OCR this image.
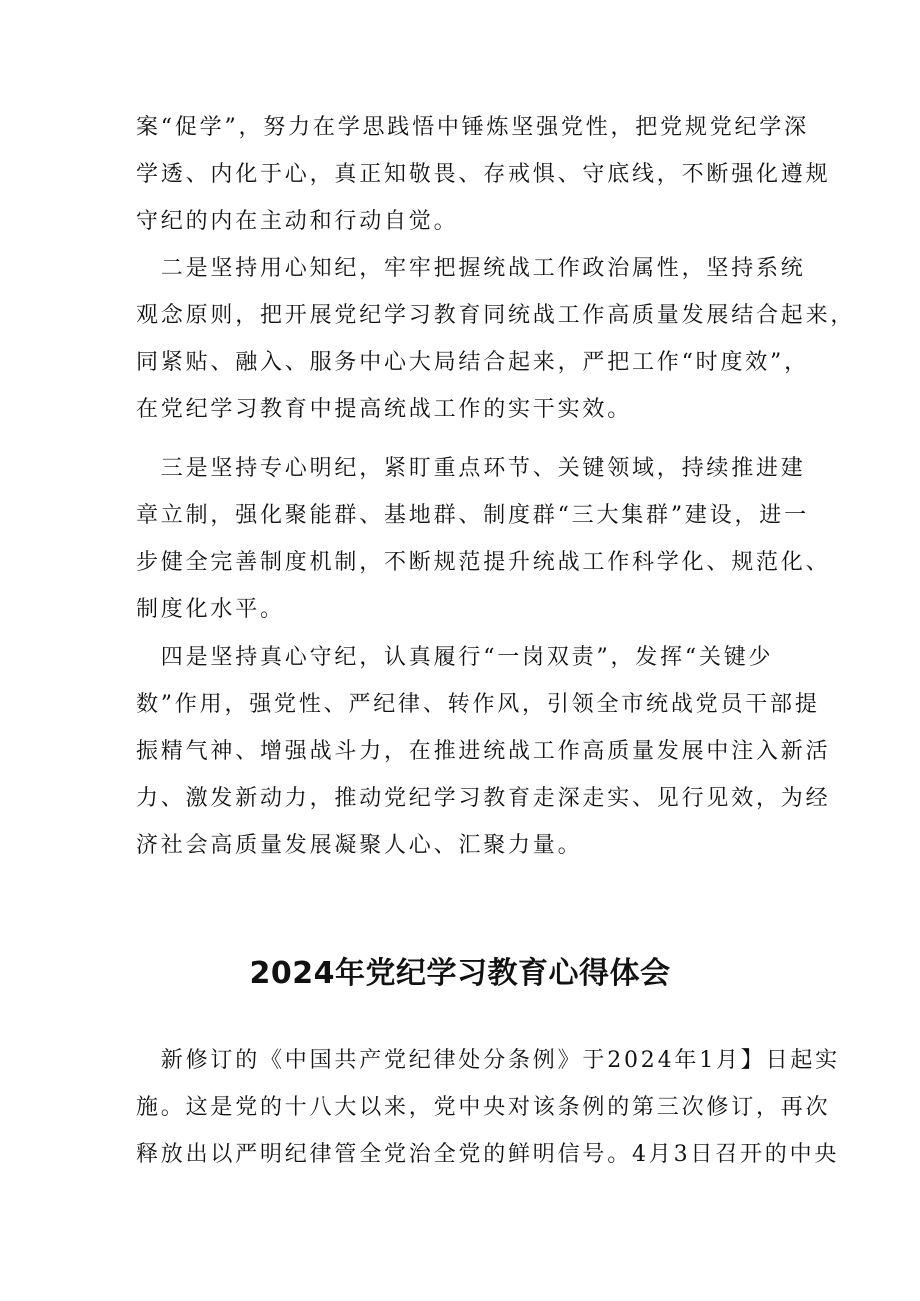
案“促学”，努力在学思践悟中锤炼坚强党性，把党规党纪学深
学透、内化于心，真正知敬畏、存戒惧、守底线，不断强化遵规
守纪的内在主动和行动自觉。
　二是坚持用心知纪，牢牢把握统战工作政治属性，坚持系统
观念原则，把开展党纪学习教育同统战工作高质量发展结合起来，
同紧贴、融入、服务中心大局结合起来，严把工作“时度效”，
在党纪学习教育中提高统战工作的实干实效。
　三是坚持专心明纪，紧盯重点环节、关键领域，持续推进建
章立制，强化聚能群、基地群、制度群“三大集群”建设，进一
步健全完善制度机制，不断规范提升统战工作科学化、规范化、
制度化水平。
　四是坚持真心守纪，认真履行“一岗双责”，发挥“关键少
数”作用，强党性、严纪律、转作风，引领全市统战党员干部提
振精气神、增强战斗力，在推进统战工作高质量发展中注入新活
力、激发新动力，推动党纪学习教育走深走实、见行见效，为经
济社会高质量发展凝聚人心、汇聚力量。
2024年党纪学习教育心得体会
　新修订的《中国共产党纪律处分条例》于2024年1月】日起实
施。这是党的十八大以来，党中央对该条例的第三次修订，再次
释放出以严明纪律管全党治全党的鲜明信号。4月3日召开的中央
